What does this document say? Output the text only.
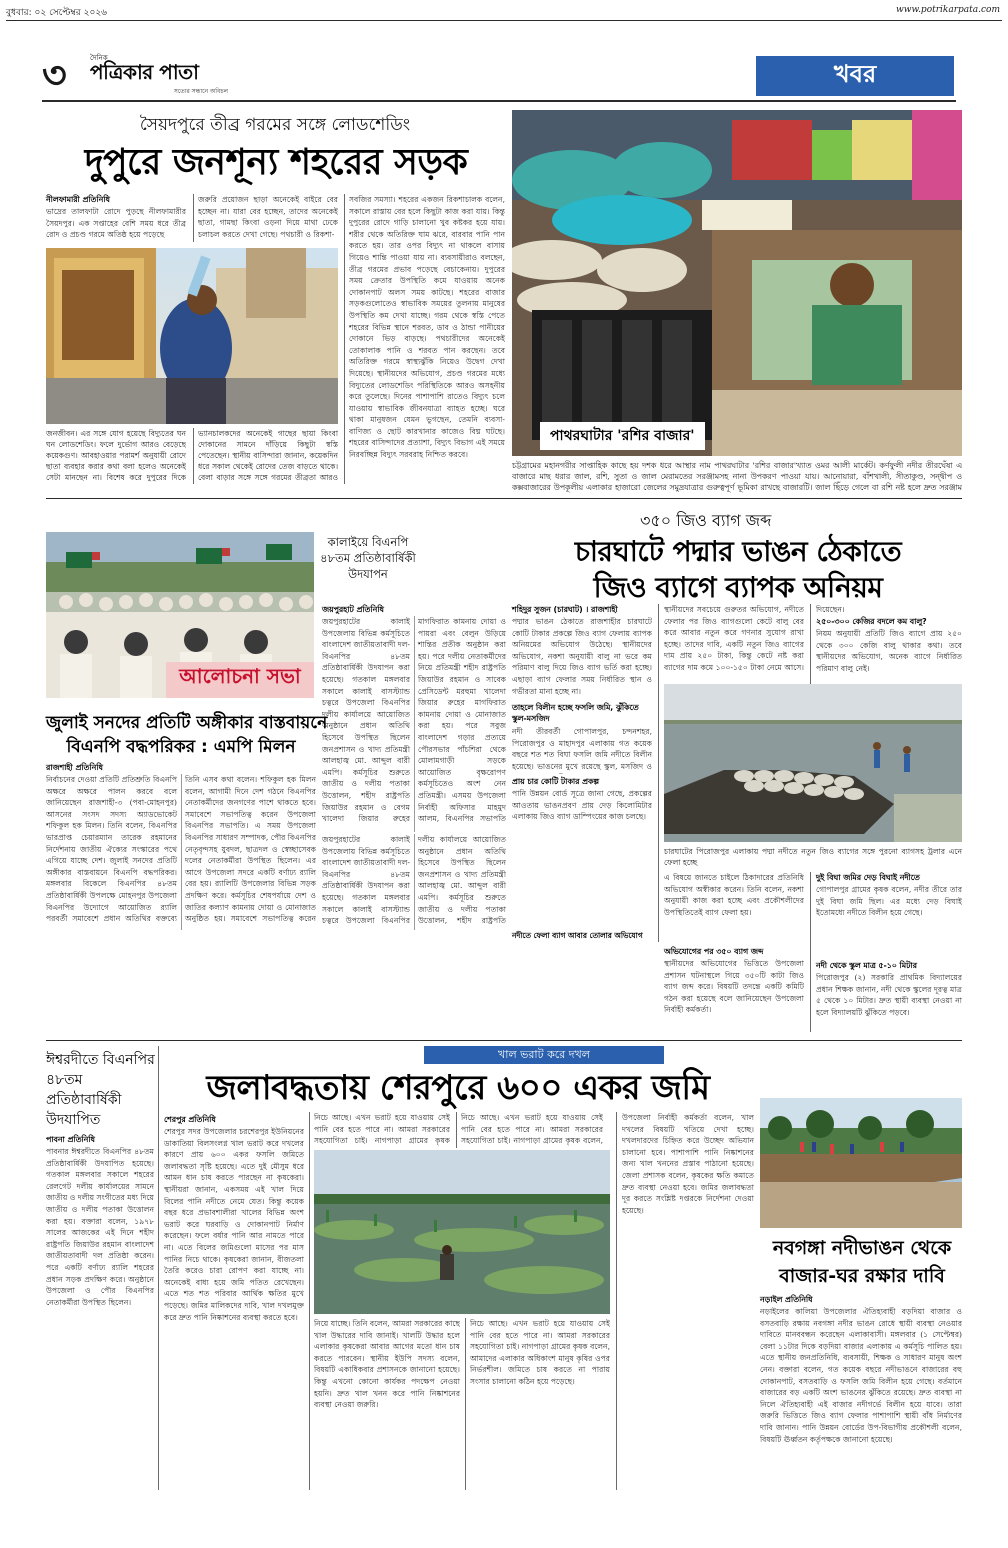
বুধবার: ০২ সেপ্টেম্বর ২০২৬	www.potrikarpata.com
৩	দৈনিক
পত্রিকার পাতা
সত্যের সন্ধানে অবিচল
খবর
সৈয়দপুরে তীব্র গরমের সঙ্গে লোডশেডিং
দুপুরে জনশূন্য শহরের সড়ক
নীলফামারী প্রতিনিধি
ভাদ্রের তালফাটা রোদে পুড়ছে নীলফামারীর সৈয়দপুর। এক সপ্তাহের বেশি সময় ধরে তীব্র রোদ ও প্রচণ্ড গরমে অতিষ্ঠ হয়ে পড়েছে
জরুরি প্রয়োজন ছাড়া অনেকেই বাইরে বের হচ্ছেন না। যারা বের হচ্ছেন, তাদের অনেকেই ছাতা, গামছা কিংবা ওড়না দিয়ে মাথা ঢেকে চলাচল করতে দেখা গেছে। পথচারী ও রিকশা-
সবজির সমস্যা। শহরের একজন রিকশাচালক বলেন, সকালে রাস্তায় বের হলে কিছুটা কাজ করা যায়। কিন্তু দুপুরের রোদে গাড়ি চালানো খুব কষ্টকর হয়ে যায়। শরীর থেকে অতিরিক্ত ঘাম ঝরে, বারবার পানি পান করতে হয়। তার ওপর বিদ্যুৎ না থাকলে বাসায় গিয়েও শান্তি পাওয়া যায় না। ব্যবসায়ীরাও বলছেন, তীব্র গরমের প্রভাব পড়েছে বেচাকেনায়। দুপুরের সময় ক্রেতার উপস্থিতি কমে যাওয়ায় অনেক দোকানপাট অলস সময় কাটছে। শহরের বাজার সড়কগুলোতেও স্বাভাবিক সময়ের তুলনায় মানুষের উপস্থিতি কম দেখা যাচ্ছে। গরম থেকে স্বস্তি পেতে শহরের বিভিন্ন স্থানে শরবত, ডাব ও ঠান্ডা পানীয়ের দোকানে ভিড় বাড়ছে। পথচারীদের অনেকেই তোকালাক পানি ও শরবত পান করছেন। তবে অতিরিক্ত গরমে স্বাস্থ্যঝুঁকি নিয়েও উদ্বেগ দেখা দিয়েছে। স্থানীয়দের অভিযোগ, প্রচণ্ড গরমের মধ্যে বিদ্যুতের লোডশেডিং পরিস্থিতিকে আরও অসহনীয় করে তুলেছে। দিনের পাশাপাশি রাতেও বিদ্যুৎ চলে যাওয়ায় স্বাভাবিক জীবনযাত্রা ব্যাহত হচ্ছে। ঘরে থাকা মানুষজন যেমন ভুগছেন, তেমনি ব্যবসা-বাণিজ্য ও ছোট কারখানার কাজেও বিঘ্ন ঘটছে। শহরের বাসিন্দাদের প্রত্যাশা, বিদ্যুৎ বিভাগ এই সময়ে নিরবচ্ছিন্ন বিদ্যুৎ সরবরাহ নিশ্চিত করবে।
জনজীবন। এর সঙ্গে যোগ হয়েছে বিদ্যুতের ঘন ঘন লোডশেডিং। ফলে দুর্ভোগ আরও বেড়েছে কয়েকগুণ। আবহাওয়ার পরামর্শ অনুযায়ী রোদে ছাতা ব্যবহার করার কথা বলা হলেও অনেকেই সেটা মানছেন না। বিশেষ করে দুপুরের দিকে
ভ্যানচালকদের অনেকেই গাছের ছায়া কিংবা দোকানের সামনে দাঁড়িয়ে কিছুটা স্বস্তি পেতেছেন। স্থানীয় বাসিন্দারা জানান, কয়েকদিন ধরে সকাল থেকেই রোদের তেজ বাড়তে থাকে। বেলা বাড়ার সঙ্গে সঙ্গে গরমের তীব্রতা আরও
পাথরঘাটার 'রশির বাজার'
চট্টগ্রামের মহানগরীর সাপ্তাহিক কাছে হয় দশক ধরে আস্থার নাম পাথরঘাটার 'রশির বাজার'খ্যাত ওমর আলী মার্কেট। কর্ণফুলী নদীর তীরঘেঁষা এ বাজারে মাছ ধরার জাল, রশি, সুতা ও জাল মেরামতের সরঞ্জামসহ নানা উপকরণ পাওয়া যায়। আনোয়ারা, বাঁশখালী, সীতাকুণ্ড, সন্দ্বীপ ও কক্সবাজারের উপকূলীয় এলাকার হাজারো জেলের সমুদ্রযাত্রার গুরুত্বপূর্ণ ভূমিকা রাখছে বাজারটি। জাল ছিঁড়ে গেলে বা রশি নষ্ট হলে দ্রুত সরঞ্জাম
আলোচনা সভা
কালাইয়ে বিএনপি ৪৮তম প্রতিষ্ঠাবার্ষিকী উদযাপন
জয়পুরহাট প্রতিনিধি
জয়পুরহাটের কালাই উপজেলায় বিভিন্ন কর্মসূচিতে বাংলাদেশ জাতীয়তাবাদী দল-বিএনপির ৪৮তম প্রতিষ্ঠাবার্ষিকী উদযাপন করা হয়েছে। গতকাল মঙ্গলবার সকালে কালাই বাসস্ট্যান্ড চত্বরে উপজেলা বিএনপির দলীয় কার্যালয়ে আয়োজিত অনুষ্ঠানে প্রধান অতিথি হিসেবে উপস্থিত ছিলেন জনপ্রশাসন ও খাদ্য প্রতিমন্ত্রী আলহাজ্ব মো. আব্দুল বারী এমপি। কর্মসূচির শুরুতে জাতীয় ও দলীয় পতাকা উত্তোলন, শহীদ রাষ্ট্রপতি জিয়াউর রহমান ও বেগম খালেদা জিয়ার রুহের মাগফিরাত কামনায় দোয়া ও পায়রা এবং বেলুন উড়িয়ে শান্তির প্রতীক অনুষ্ঠান করা হয়। পরে দলীয় নেতাকর্মীদের নিয়ে প্রতিমন্ত্রী শহীদ রাষ্ট্রপতি জিয়াউর রহমান ও সাবেক প্রেসিডেন্ট মরহুমা খালেদা জিয়ার রুহের মাগফিরাত কামনায় দোয়া ও মোনাজাত করা হয়। পরে সবুজ বাংলাদেশ গড়ার প্রত্যয়ে পৌরসভার পাঁচশিরা থেকে মোলামগাড়ী সড়কে আয়োজিত বৃক্ষরোপণ কর্মসূচিতেও অংশ নেন প্রতিমন্ত্রী। এসময় উপজেলা নির্বাহী অফিসার মাহমুদ আলম, বিএনপির সভাপতি
জুলাই সনদের প্রতিটি অঙ্গীকার বাস্তবায়নে
বিএনপি বদ্ধপরিকর : এমপি মিলন
রাজশাহী প্রতিনিধি
নির্বাচনের দেওয়া প্রতিটি প্রতিশ্রুতি বিএনপি অক্ষরে অক্ষরে পালন করবে বলে জানিয়েছেন রাজশাহী-৩ (পবা-মোহনপুর) আসনের সংসদ সদস্য অ্যাডভোকেট শফিকুল হক মিলন। তিনি বলেন, বিএনপির ভারপ্রাপ্ত চেয়ারম্যান তারেক রহমানের নির্দেশনায় জাতীয় ঐক্যের সংস্কারের পথে এগিয়ে যাচ্ছে দেশ। জুলাই সনদের প্রতিটি অঙ্গীকার বাস্তবায়নে বিএনপি বদ্ধপরিকর। মঙ্গলবার বিকেলে বিএনপির ৪৮তম প্রতিষ্ঠাবার্ষিকী উপলক্ষে মোহনপুর উপজেলা বিএনপির উদ্যোগে আয়োজিত র‍্যালি পরবর্তী সমাবেশে প্রধান অতিথির বক্তব্যে তিনি এসব কথা বলেন। শফিকুল হক মিলন বলেন, আগামী দিনে দেশ গঠনে বিএনপির নেতাকর্মীদের জনগণের পাশে থাকতে হবে। সমাবেশে সভাপতিত্ব করেন উপজেলা বিএনপির সভাপতি। এ সময় উপজেলা বিএনপির সাধারণ সম্পাদক, পৌর বিএনপির নেতৃবৃন্দসহ যুবদল, ছাত্রদল ও স্বেচ্ছাসেবক দলের নেতাকর্মীরা উপস্থিত ছিলেন। এর আগে উপজেলা সদরে একটি বর্ণাঢ্য র‍্যালি বের হয়। র‍্যালিটি উপজেলার বিভিন্ন সড়ক প্রদক্ষিণ করে। কর্মসূচির শেষপর্যায়ে দেশ ও জাতির কল্যাণ কামনায় দোয়া ও মোনাজাত অনুষ্ঠিত হয়। সমাবেশে সভাপতিত্ব করেন
জয়পুরহাটের কালাই উপজেলায় বিভিন্ন কর্মসূচিতে বাংলাদেশ জাতীয়তাবাদী দল-বিএনপির ৪৮তম প্রতিষ্ঠাবার্ষিকী উদযাপন করা হয়েছে। গতকাল মঙ্গলবার সকালে কালাই বাসস্ট্যান্ড চত্বরে উপজেলা বিএনপির দলীয় কার্যালয়ে আয়োজিত অনুষ্ঠানে প্রধান অতিথি হিসেবে উপস্থিত ছিলেন জনপ্রশাসন ও খাদ্য প্রতিমন্ত্রী আলহাজ্ব মো. আব্দুল বারী এমপি। কর্মসূচির শুরুতে জাতীয় ও দলীয় পতাকা উত্তোলন, শহীদ রাষ্ট্রপতি
৩৫০ জিও ব্যাগ জব্দ
চারঘাটে পদ্মার ভাঙন ঠেকাতে
জিও ব্যাগে ব্যাপক অনিয়ম
শহিদুর সুজন (চারঘাট) । রাজশাহী
পদ্মার ভাঙন ঠেকাতে রাজশাহীর চারঘাটে কোটি টাকার প্রকল্পে জিও ব্যাগ ফেলায় ব্যাপক অনিয়মের অভিযোগ উঠেছে। স্থানীয়দের অভিযোগ, নকশা অনুযায়ী বালু না ভরে কম পরিমাণ বালু দিয়ে জিও ব্যাগ ভর্তি করা হচ্ছে। এছাড়া ব্যাগ ফেলার সময় নির্ধারিত স্থান ও গভীরতা মানা হচ্ছে না।
তাহলে বিলীন হচ্ছে ফসলি জমি, ঝুঁকিতে স্কুল-মসজিদ
নদী তীরবর্তী গোপালপুর, চন্দনশহর, পিরোজপুর ও মাহাদপুর এলাকায় গত কয়েক বছরে শত শত বিঘা ফসলি জমি নদীতে বিলীন হয়েছে। ভাঙনের মুখে রয়েছে স্কুল, মসজিদ ও
প্রায় চার কোটি টাকার প্রকল্প
পানি উন্নয়ন বোর্ড সূত্রে জানা গেছে, প্রকল্পের আওতায় ভাঙনপ্রবণ প্রায় দেড় কিলোমিটার এলাকায় জিও ব্যাগ ডাম্পিংয়ের কাজ চলছে।
নদীতে ফেলা ব্যাগ আবার তোলার অভিযোগ
স্থানীয়দের সবচেয়ে গুরুতর অভিযোগ, নদীতে ফেলার পর জিও ব্যাগগুলো কেটে বালু বের করে আবার নতুন করে গণনার সুযোগ রাখা হচ্ছে। তাদের দাবি, একটি নতুন জিও ব্যাগের দাম প্রায় ২৫০ টাকা, কিন্তু কেটে নষ্ট করা ব্যাগের দাম কমে ১০০-১৫০ টাকা নেমে আসে।
দিয়েছেন।
২৫০-৩০০ কেজির বদলে কম বালু?
নিয়ম অনুযায়ী প্রতিটি জিও ব্যাগে প্রায় ২৫০ থেকে ৩০০ কেজি বালু থাকার কথা। তবে স্থানীয়দের অভিযোগ, অনেক ব্যাগে নির্ধারিত পরিমাণ বালু নেই।
চারঘাটের পিরোজপুর এলাকায় পদ্মা নদীতে নতুন জিও ব্যাগের সঙ্গে পুরনো ব্যাগসহ ট্রলার এনে ফেলা হচ্ছে
এ বিষয়ে জানতে চাইলে ঠিকাদারের প্রতিনিধি অভিযোগ অস্বীকার করেন। তিনি বলেন, নকশা অনুযায়ী কাজ করা হচ্ছে এবং প্রকৌশলীদের উপস্থিতিতেই ব্যাগ ফেলা হয়।
দুই বিঘা জমির দেড় বিঘাই নদীতে
গোপালপুর গ্রামের কৃষক বলেন, নদীর তীরে তার দুই বিঘা জমি ছিল। এর মধ্যে দেড় বিঘাই ইতোমধ্যে নদীতে বিলীন হয়ে গেছে।
নদী থেকে স্কুল মাত্র ৫-১০ মিটার
পিরোজপুর (২) সরকারি প্রাথমিক বিদ্যালয়ের প্রধান শিক্ষক জানান, নদী থেকে স্কুলের দূরত্ব মাত্র ৫ থেকে ১০ মিটার। দ্রুত স্থায়ী ব্যবস্থা নেওয়া না হলে বিদ্যালয়টি ঝুঁকিতে পড়বে।
অভিযোগের পর ৩৫০ ব্যাগ জব্দ
স্থানীয়দের অভিযোগের ভিত্তিতে উপজেলা প্রশাসন ঘটনাস্থলে গিয়ে ৩৫০টি কাটা জিও ব্যাগ জব্দ করে। বিষয়টি তদন্তে একটি কমিটি গঠন করা হয়েছে বলে জানিয়েছেন উপজেলা নির্বাহী কর্মকর্তা।
ঈশ্বরদীতে বিএনপির ৪৮তম প্রতিষ্ঠাবার্ষিকী উদযাপিত
পাবনা প্রতিনিধি
পাবনার ঈশ্বরদীতে বিএনপির ৪৮তম প্রতিষ্ঠাবার্ষিকী উদযাপিত হয়েছে। গতকাল মঙ্গলবার সকালে শহরের রেলগেট দলীয় কার্যালয়ের সামনে জাতীয় ও দলীয় সংগীতের মধ্য দিয়ে জাতীয় ও দলীয় পতাকা উত্তোলন করা হয়। বক্তারা বলেন, ১৯৭৮ সালের আজকের এই দিনে শহীদ রাষ্ট্রপতি জিয়াউর রহমান বাংলাদেশ জাতীয়তাবাদী দল প্রতিষ্ঠা করেন। পরে একটি বর্ণাঢ্য র‍্যালি শহরের প্রধান সড়ক প্রদক্ষিণ করে। অনুষ্ঠানে উপজেলা ও পৌর বিএনপির নেতাকর্মীরা উপস্থিত ছিলেন।
খাল ভরাট করে দখল
জলাবদ্ধতায় শেরপুরে ৬০০ একর জমি
শেরপুর প্রতিনিধি
শেরপুর সদর উপজেলার চরশেরপুর ইউনিয়নের ডাকাতিয়া বিলসংলগ্ন খাল ভরাট করে দখলের কারণে প্রায় ৬০০ একর ফসলি জমিতে জলাবদ্ধতা সৃষ্টি হয়েছে। এতে দুই মৌসুম ধরে আমন ধান চাষ করতে পারছেন না কৃষকেরা। স্থানীয়রা জানান, একসময় এই খাল দিয়ে বিলের পানি নদীতে নেমে যেত। কিন্তু কয়েক বছর ধরে প্রভাবশালীরা খালের বিভিন্ন অংশ ভরাট করে ঘরবাড়ি ও দোকানপাট নির্মাণ করেছেন। ফলে বর্ষার পানি আর নামতে পারে না। এতে বিলের জমিগুলো মাসের পর মাস পানির নিচে থাকে। কৃষকেরা জানান, বীজতলা তৈরি করেও চারা রোপণ করা যাচ্ছে না। অনেকেই বাধ্য হয়ে জমি পতিত রেখেছেন। এতে শত শত পরিবার আর্থিক ক্ষতির মুখে পড়েছে। জমির মালিকদের দাবি, খাল দখলমুক্ত করে দ্রুত পানি নিষ্কাশনের ব্যবস্থা করতে হবে।
নিচে আছে। এখন ভরাট হয়ে যাওয়ায় সেই পানি বের হতে পারে না। আমরা সরকারের সহযোগিতা চাই। নাগপাড়া গ্রামের কৃষক
নিয়ে যাচ্ছে। তিনি বলেন, আমরা সরকারের কাছে খাল উদ্ধারের দাবি জানাই। খালটি উদ্ধার হলে এলাকার কৃষকেরা আবার আগের মতো ধান চাষ করতে পারবেন। স্থানীয় ইউপি সদস্য বলেন, বিষয়টি একাধিকবার প্রশাসনকে জানানো হয়েছে। কিন্তু এখনো কোনো কার্যকর পদক্ষেপ নেওয়া হয়নি। দ্রুত খাল খনন করে পানি নিষ্কাশনের ব্যবস্থা নেওয়া জরুরি।
নিচে আছে। এখন ভরাট হয়ে যাওয়ায় সেই পানি বের হতে পারে না। আমরা সরকারের সহযোগিতা চাই। নাগপাড়া গ্রামের কৃষক বলেন,
নিচে আছে। এখন ভরাট হয়ে যাওয়ায় সেই পানি বের হতে পারে না। আমরা সরকারের সহযোগিতা চাই। নাগপাড়া গ্রামের কৃষক বলেন, আমাদের এলাকার অধিকাংশ মানুষ কৃষির ওপর নির্ভরশীল। জমিতে চাষ করতে না পারায় সংসার চালানো কঠিন হয়ে পড়েছে।
উপজেলা নির্বাহী কর্মকর্তা বলেন, খাল দখলের বিষয়টি খতিয়ে দেখা হচ্ছে। দখলদারদের চিহ্নিত করে উচ্ছেদ অভিযান চালানো হবে। পাশাপাশি পানি নিষ্কাশনের জন্য খাল খননের প্রস্তাব পাঠানো হয়েছে। জেলা প্রশাসক বলেন, কৃষকের ক্ষতি কমাতে দ্রুত ব্যবস্থা নেওয়া হবে। জমির জলাবদ্ধতা দূর করতে সংশ্লিষ্ট দপ্তরকে নির্দেশনা দেওয়া হয়েছে।
নবগঙ্গা নদীভাঙন থেকে
বাজার-ঘর রক্ষার দাবি
নড়াইল প্রতিনিধি
নড়াইলের কালিয়া উপজেলার ঐতিহ্যবাহী বড়দিয়া বাজার ও বসতবাড়ি রক্ষায় নবগঙ্গা নদীর ভাঙন রোধে স্থায়ী ব্যবস্থা নেওয়ার দাবিতে মানববন্ধন করেছেন এলাকাবাসী। মঙ্গলবার (১ সেপ্টেম্বর) বেলা ১১টার দিকে বড়দিয়া বাজার এলাকায় এ কর্মসূচি পালিত হয়। এতে স্থানীয় জনপ্রতিনিধি, ব্যবসায়ী, শিক্ষক ও সাধারণ মানুষ অংশ নেন। বক্তারা বলেন, গত কয়েক বছরে নদীভাঙনে বাজারের বহু দোকানপাট, বসতবাড়ি ও ফসলি জমি বিলীন হয়ে গেছে। বর্তমানে বাজারের বড় একটি অংশ ভাঙনের ঝুঁকিতে রয়েছে। দ্রুত ব্যবস্থা না নিলে ঐতিহ্যবাহী এই বাজার নদীগর্ভে বিলীন হয়ে যাবে। তারা জরুরি ভিত্তিতে জিও ব্যাগ ফেলার পাশাপাশি স্থায়ী বাঁধ নির্মাণের দাবি জানান। পানি উন্নয়ন বোর্ডের উপ-বিভাগীয় প্রকৌশলী বলেন, বিষয়টি ঊর্ধ্বতন কর্তৃপক্ষকে জানানো হয়েছে।
